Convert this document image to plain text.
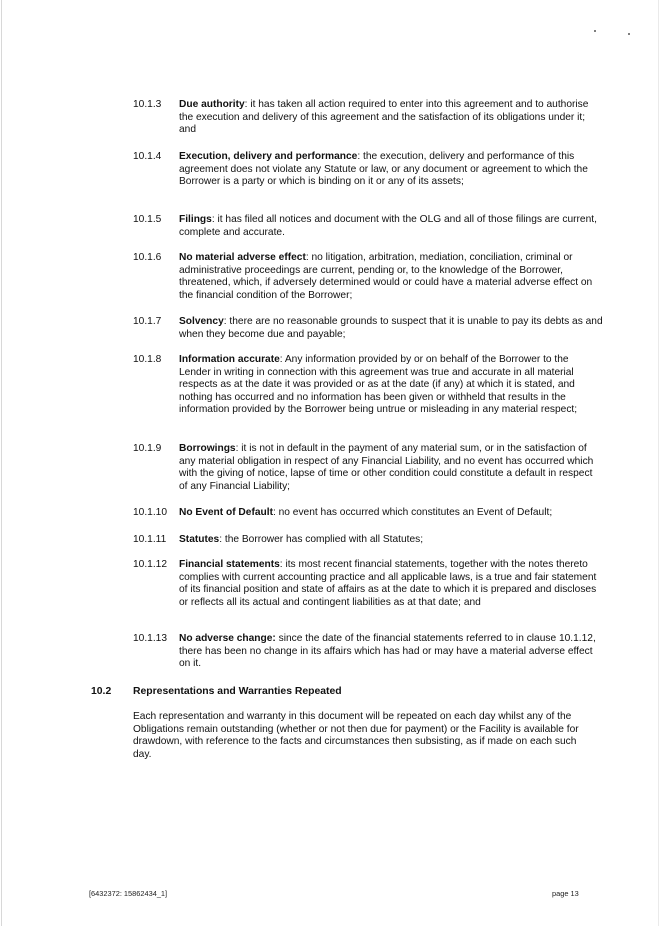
10.1.3	Due authority: it has taken all action required to enter into this agreement and to authorise the execution and delivery of this agreement and the satisfaction of its obligations under it; and
10.1.4	Execution, delivery and performance: the execution, delivery and performance of this agreement does not violate any Statute or law, or any document or agreement to which the Borrower is a party or which is binding on it or any of its assets;
10.1.5	Filings: it has filed all notices and document with the OLG and all of those filings are current, complete and accurate.
10.1.6	No material adverse effect: no litigation, arbitration, mediation, conciliation, criminal or administrative proceedings are current, pending or, to the knowledge of the Borrower, threatened, which, if adversely determined would or could have a material adverse effect on the financial condition of the Borrower;
10.1.7	Solvency: there are no reasonable grounds to suspect that it is unable to pay its debts as and when they become due and payable;
10.1.8	Information accurate: Any information provided by or on behalf of the Borrower to the Lender in writing in connection with this agreement was true and accurate in all material respects as at the date it was provided or as at the date (if any) at which it is stated, and nothing has occurred and no information has been given or withheld that results in the information provided by the Borrower being untrue or misleading in any material respect;
10.1.9	Borrowings: it is not in default in the payment of any material sum, or in the satisfaction of any material obligation in respect of any Financial Liability, and no event has occurred which with the giving of notice, lapse of time or other condition could constitute a default in respect of any Financial Liability;
10.1.10	No Event of Default: no event has occurred which constitutes an Event of Default;
10.1.11	Statutes: the Borrower has complied with all Statutes;
10.1.12	Financial statements: its most recent financial statements, together with the notes thereto complies with current accounting practice and all applicable laws, is a true and fair statement of its financial position and state of affairs as at the date to which it is prepared and discloses or reflects all its actual and contingent liabilities as at that date; and
10.1.13	No adverse change: since the date of the financial statements referred to in clause 10.1.12, there has been no change in its affairs which has had or may have a material adverse effect on it.
10.2 Representations and Warranties Repeated
Each representation and warranty in this document will be repeated on each day whilst any of the Obligations remain outstanding (whether or not then due for payment) or the Facility is available for drawdown, with reference to the facts and circumstances then subsisting, as if made on each such day.
[6432372: 15862434_1]	page 13
